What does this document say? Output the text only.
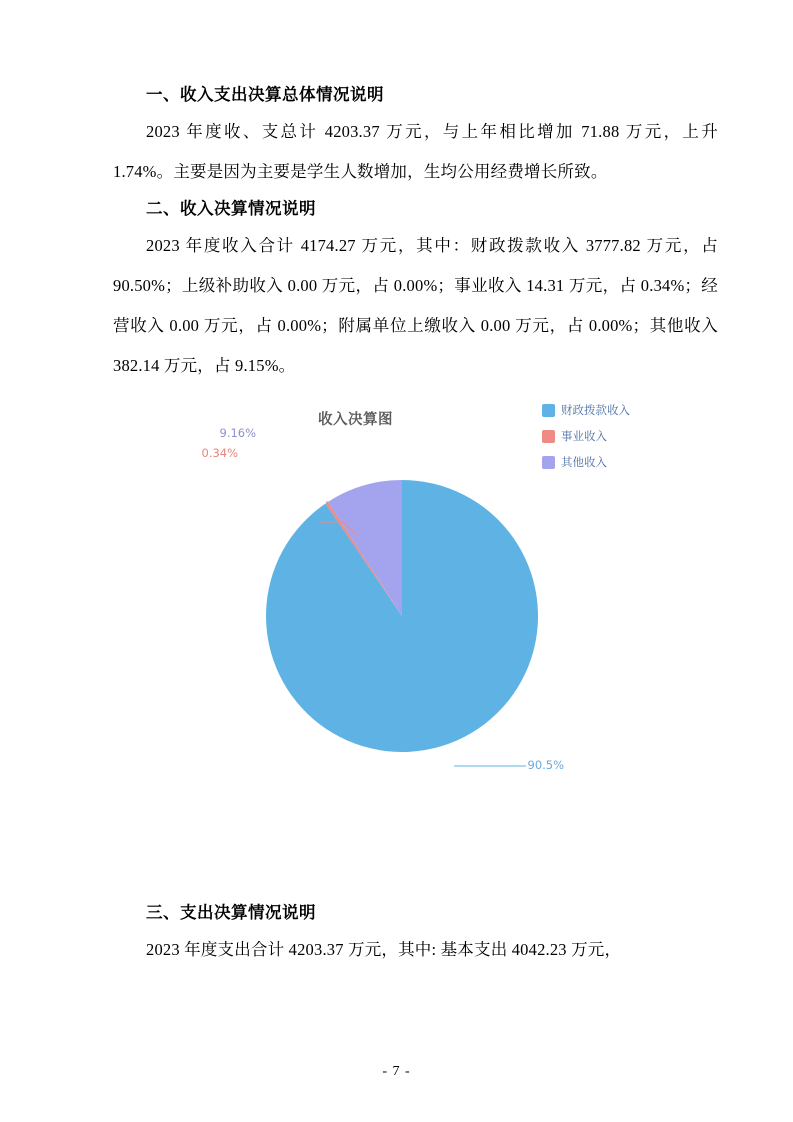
一、收入支出决算总体情况说明

2023 年度收、支总计 4203.37 万元，与上年相比增加 71.88 万元，上升 1.74%。主要是因为主要是学生人数增加，生均公用经费增长所致。

二、收入决算情况说明

2023 年度收入合计 4174.27 万元，其中：财政拨款收入 3777.82 万元，占 90.50%；上级补助收入 0.00 万元，占 0.00%；事业收入 14.31 万元，占 0.34%；经营收入 0.00 万元，占 0.00%；附属单位上缴收入 0.00 万元，占 0.00%；其他收入 382.14 万元，占 9.15%。

收入决算图
财政拨款收入
事业收入
其他收入
9.16%
0.34%
90.5%
三、支出决算情况说明

2023 年度支出合计 4203.37 万元，其中: 基本支出 4042.23 万元，

- 7 -
